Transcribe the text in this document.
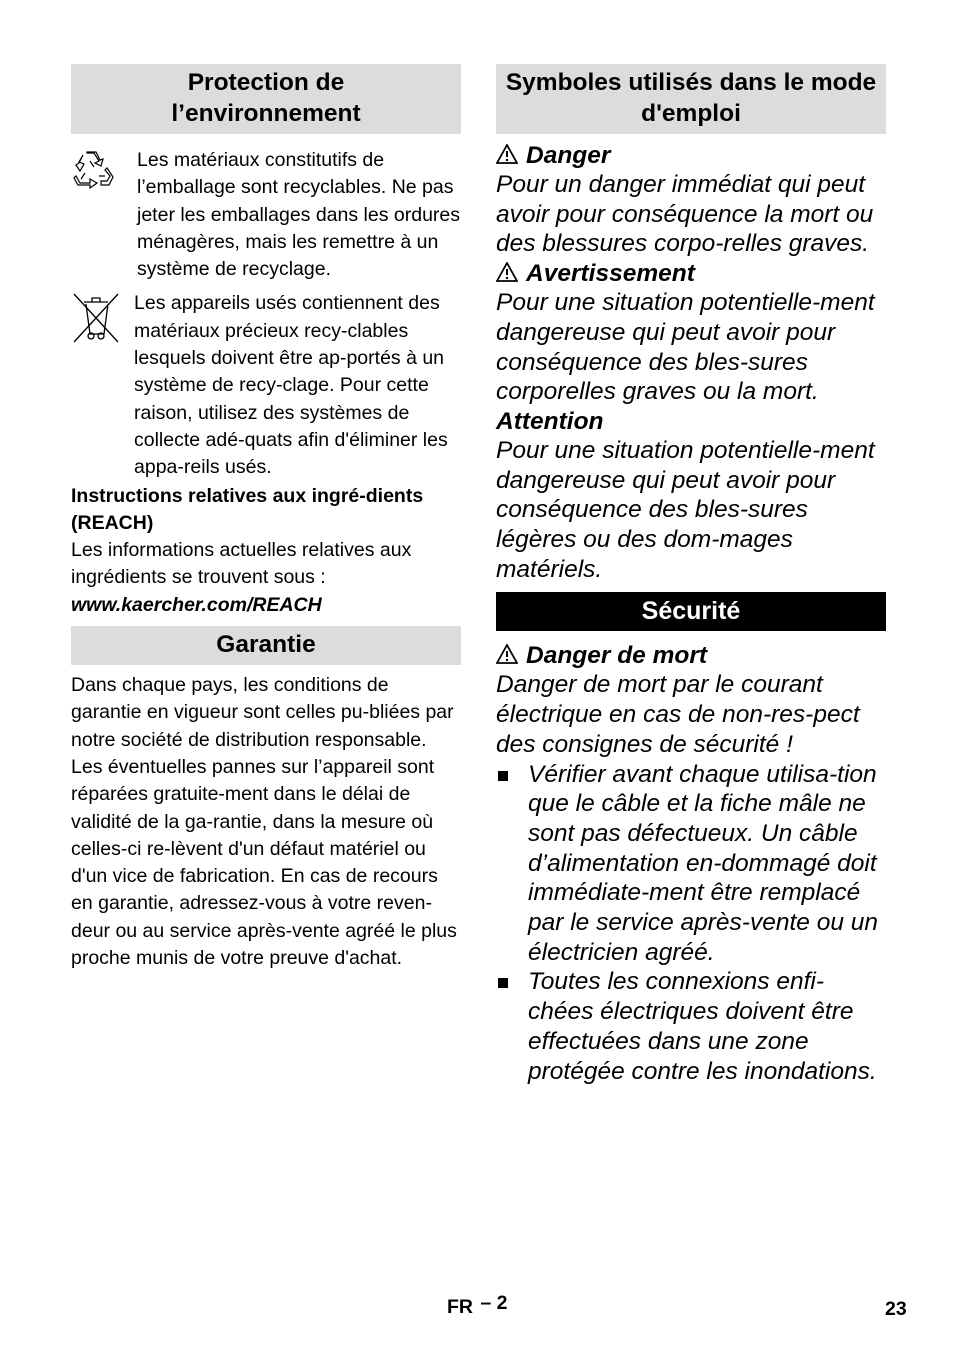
Protection de l’environnement

Les matériaux constitutifs de l’emballage sont recyclables. Ne pas jeter les emballages dans les ordures ménagères, mais les remettre à un système de recyclage.

Les appareils usés contiennent des matériaux précieux recy-clables lesquels doivent être ap-portés à un système de recy-clage. Pour cette raison, utilisez des systèmes de collecte adé-quats afin d'éliminer les appa-reils usés.

Instructions relatives aux ingré-dients (REACH)

Les informations actuelles relatives aux ingrédients se trouvent sous :

www.kaercher.com/REACH

Garantie

Dans chaque pays, les conditions de garantie en vigueur sont celles pu-bliées par notre société de distribution responsable. Les éventuelles pannes sur l’appareil sont réparées gratuite-ment dans le délai de validité de la ga-rantie, dans la mesure où celles-ci re-lèvent d'un défaut matériel ou d'un vice de fabrication. En cas de recours en garantie, adressez-vous à votre reven-deur ou au service après-vente agréé le plus proche munis de votre preuve d'achat.

Symboles utilisés dans le mode d'emploi
Danger

Pour un danger immédiat qui peut avoir pour conséquence la mort ou des blessures corpo-relles graves.

Avertissement

Pour une situation potentielle-ment dangereuse qui peut avoir pour conséquence des bles-sures corporelles graves ou la mort.

Attention

Pour une situation potentielle-ment dangereuse qui peut avoir pour conséquence des bles-sures légères ou des dom-mages matériels.

Sécurité
Danger de mort

Danger de mort par le courant électrique en cas de non-res-pect des consignes de sécurité !

Vérifier avant chaque utilisa-tion que le câble et la fiche mâle ne sont pas défectueux. Un câble d’alimentation en-dommagé doit immédiate-ment être remplacé par le service après-vente ou un électricien agréé.

Toutes les connexions enfi-chées électriques doivent être effectuées dans une zone protégée contre les inondations.

FR – 2	23
